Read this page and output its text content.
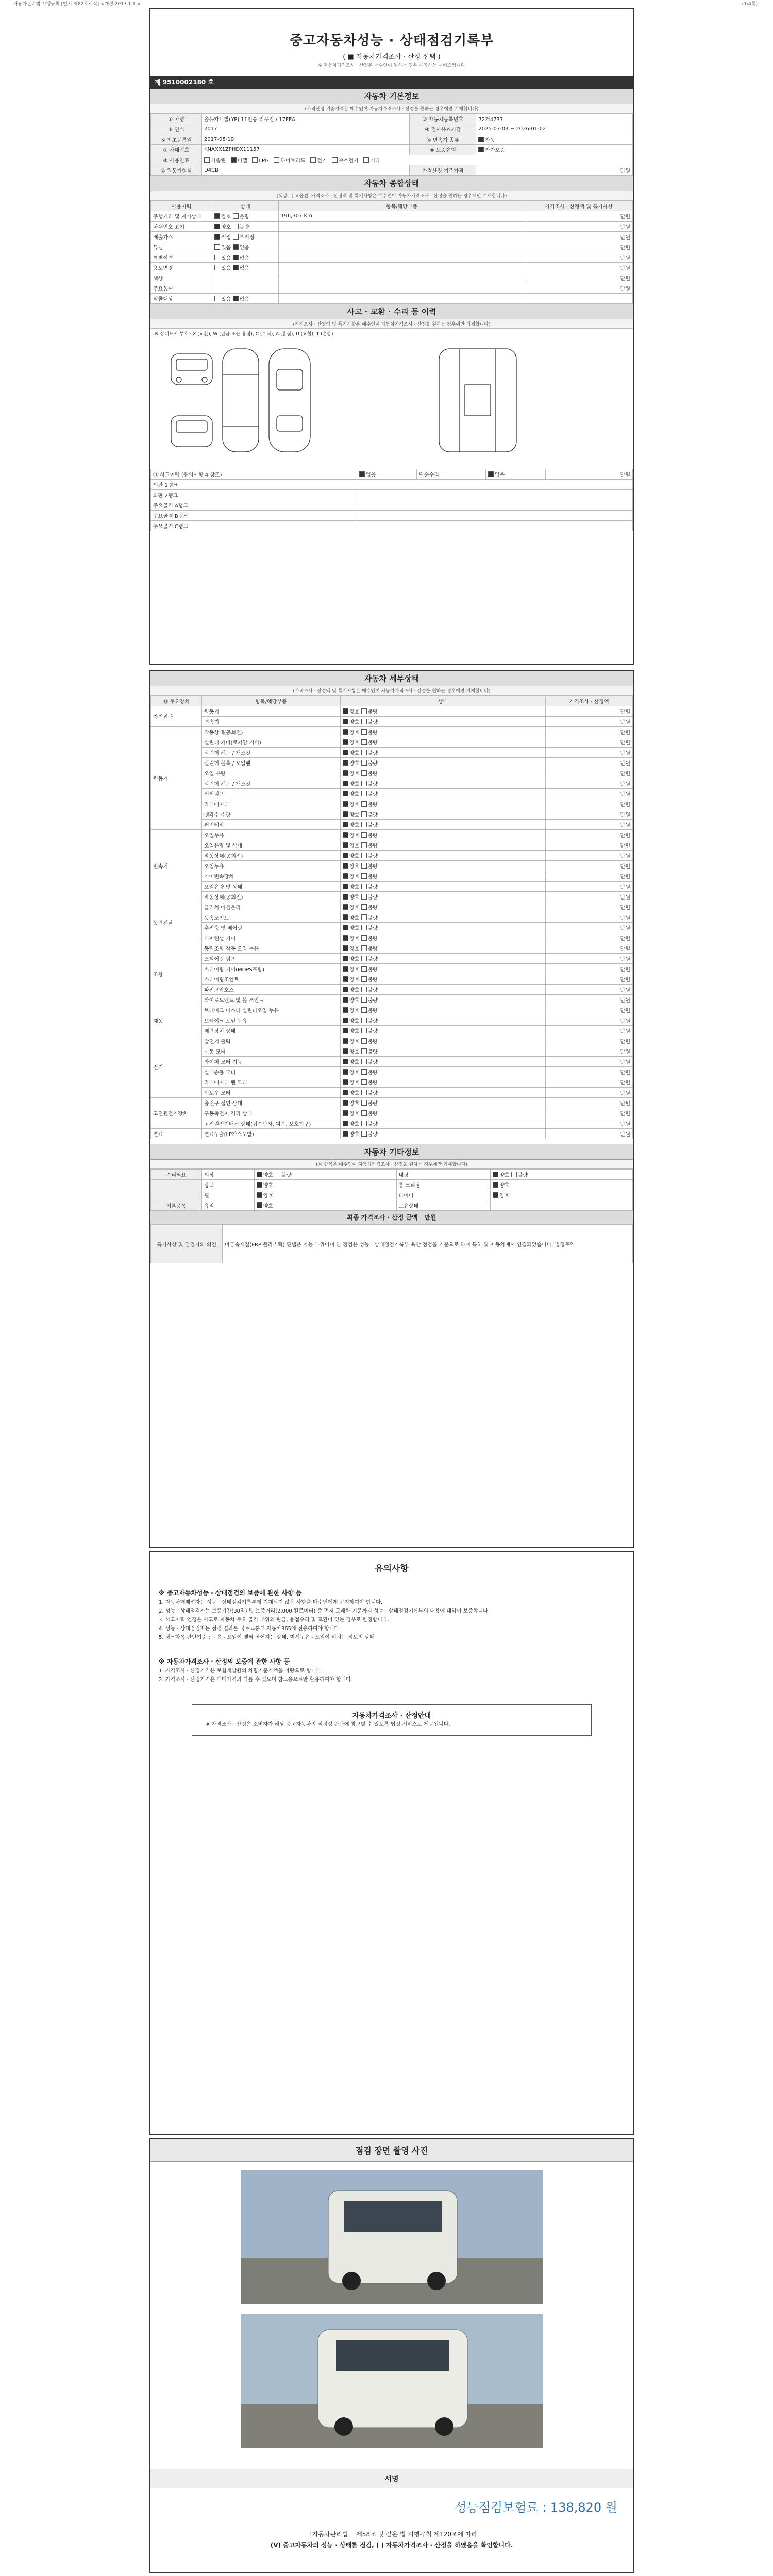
자동차관리법 시행규칙 [별지 제82호서식] <개정 2017.1.1.>	(1/4쪽)
중고자동차성능 · 상태점검기록부
( ■ 자동차가격조사 · 산정 선택 )
※ 자동차가격조사 · 산정은 매수인이 원하는 경우 제공하는 서비스입니다
제 9510002180 호
자동차 기본정보
(가격산정 기준가격은 매수인이 자동차가격조사 · 산정을 원하는 경우에만 기재합니다)
① 차명	올뉴카니발(YP) 11인승 리무진 / 17FEA	② 자동차등록번호	72거4737
③ 연식	2017	④ 검사유효기간	2025-07-03 ~ 2026-01-02
⑤ 최초등록일	2017-05-19	⑥ 변속기 종류	자동
⑦ 차대번호	KNAXX1ZPHDX11157	⑧ 보증유형	자가보증
⑨ 사용연료	가솔린 디젤 LPG 하이브리드 전기 수소전기 기타		
⑩ 원동기형식	D4CB	가격산정 기준가격	만원
자동차 종합상태
(색상, 주요옵션, 가격조사 · 산정액 및 특기사항은 매수인이 자동차가격조사 · 산정을 원하는 경우에만 기재합니다)
사용이력	상태	항목/해당부품	가격조사 · 산정액 및 특기사항
주행거리 및 계기상태	양호 불량	196,307 Km	만원
차대번호 표기	양호 불량		만원
배출가스	적정 부적정		만원
튜닝	있음 없음		만원
특별이력	있음 없음		만원
용도변경	있음 없음		만원
색상			만원
주요옵션			만원
리콜대상	있음 없음		
사고 · 교환 · 수리 등 이력
(가격조사 · 산정액 및 특기사항은 매수인이 자동차가격조사 · 산정을 원하는 경우에만 기재합니다)
※ 상태표시 부호 : X (교환), W (판금 또는 용접), C (부식), A (흠집), U (요철), T (손상)
⑪ 사고이력 (유의사항 4 참조)	없음	단순수리	없음	만원
외판 1랭크				
외판 2랭크				
주요골격 A랭크				
주요골격 B랭크				
주요골격 C랭크				
자동차 세부상태
(가격조사 · 산정액 및 특기사항은 매수인이 자동차가격조사 · 산정을 원하는 경우에만 기재합니다)
⑬ 주요장치	항목/해당부품	상태	가격조사 · 산정액
자기진단	원동기	양호 불량	만원
	변속기	양호 불량	만원
원동기	작동상태(공회전)	양호 불량	만원
	실린더 커버(로커암 커버)	양호 불량	만원
	실린더 헤드 / 개스킷	양호 불량	만원
	실린더 블록 / 오일팬	양호 불량	만원
	오일 유량	양호 불량	만원
	실린더 헤드 / 개스킷	양호 불량	만원
	워터펌프	양호 불량	만원
	라디에이터	양호 불량	만원
	냉각수 수량	양호 불량	만원
	커먼레일	양호 불량	만원
변속기	오일누유	양호 불량	만원
	오일유량 및 상태	양호 불량	만원
	작동상태(공회전)	양호 불량	만원
	오일누유	양호 불량	만원
	기어변속장치	양호 불량	만원
	오일유량 및 상태	양호 불량	만원
	작동상태(공회전)	양호 불량	만원
동력전달	클러치 어셈블리	양호 불량	만원
	등속조인트	양호 불량	만원
	추진축 및 베어링	양호 불량	만원
	디퍼렌셜 기어	양호 불량	만원
조향	동력조향 작동 오일 누유	양호 불량	만원
	스티어링 펌프	양호 불량	만원
	스티어링 기어(MDPS포함)	양호 불량	만원
	스티어링조인트	양호 불량	만원
	파워고압호스	양호 불량	만원
	타이로드엔드 및 볼 조인트	양호 불량	만원
제동	브레이크 마스터 실린더오일 누유	양호 불량	만원
	브레이크 오일 누유	양호 불량	만원
	배력장치 상태	양호 불량	만원
전기	발전기 출력	양호 불량	만원
	시동 모터	양호 불량	만원
	와이퍼 모터 기능	양호 불량	만원
	실내송풍 모터	양호 불량	만원
	라디에이터 팬 모터	양호 불량	만원
	윈도우 모터	양호 불량	만원
고전원전기장치	충전구 절연 상태	양호 불량	만원
	구동축전지 격리 상태	양호 불량	만원
	고전원전기배선 상태(접속단자, 피복, 보호기구)	양호 불량	만원
연료	연료누출(LP가스포함)	양호 불량	만원
자동차 기타정보
(⑭ 항목은 매수인이 자동차가격조사 · 산정을 원하는 경우에만 기재합니다)
수리필요	외장	양호 불량	내장	양호 불량
	광택	양호	룸 크리닝	양호
	휠	양호	타이어	양호
기본품목	유리	양호	보유상태	
최종 가격조사 · 산정 금액 만원
특기사항 및 점검자의 의견	비금속재질(FRP 플라스틱) 판넬은 가능 부위이며 본 점검은 성능 · 상태점검기록부 육안 점검을 기준으로 하며 특히 및 자동차에서 연결되었습니다. 법정무역
유의사항
※ 중고자동차성능 · 상태점검의 보증에 관한 사항 등

1. 자동차매매업자는 성능 · 상태점검기록부에 기재되지 않은 사항을 매수인에게 고지하여야 합니다.

2. 성능 · 상태점검자는 보증기간(30일) 및 보증거리(2,000 킬로미터) 중 먼저 도래한 기준까지 성능 · 상태점검기록부의 내용에 대하여 보증합니다.

3. 사고이력 인정은 사고로 자동차 주요 골격 부위의 판금, 용접수리 및 교환이 있는 경우로 한정합니다.

4. 성능 · 상태점검자는 점검 결과를 국토교통부 자동차365에 전송하여야 합니다.

5. 체크항목 판단기준 : 누유 - 오일이 맺혀 떨어지는 상태, 미세누유 - 오일이 비치는 정도의 상태

※ 자동차가격조사 · 산정의 보증에 관한 사항 등

1. 가격조사 · 산정가격은 보험개발원의 차량기준가액을 바탕으로 합니다.

2. 가격조사 · 산정가격은 매매가격과 다를 수 있으며 참고용으로만 활용하여야 합니다.

자동차가격조사 · 산정안내

※ 가격조사 · 산정은 소비자가 해당 중고자동차의 적정성 판단에 참고할 수 있도록 법정 서비스로 제공됩니다.

점검 장면 촬영 사진
서명
성능점검보험료 : 138,820 원
「자동차관리법」 제58조 및 같은 법 시행규칙 제120조에 따라
(V) 중고자동차의 성능 · 상태를 점검, ( ) 자동차가격조사 · 산정을 하였음을 확인합니다.
